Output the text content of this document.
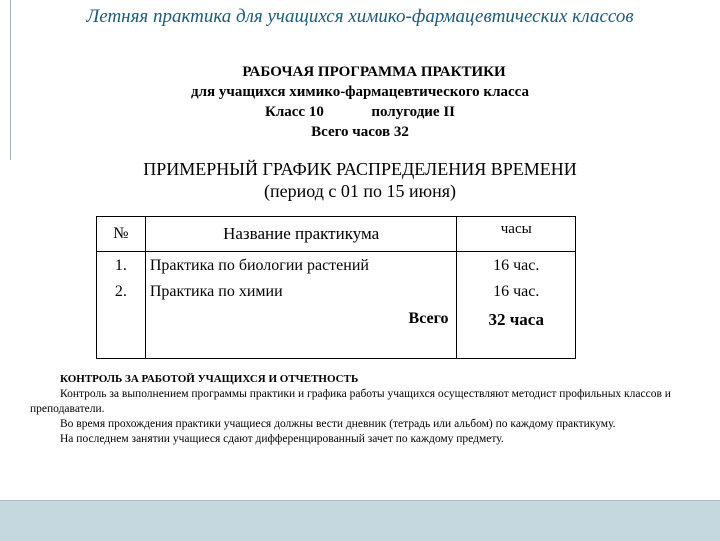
Летняя практика для учащихся химико-фармацевтических классов
РАБОЧАЯ ПРОГРАММА ПРАКТИКИ
для учащихся химико-фармацевтического класса
Класс 10	полугодие II
Всего часов 32
ПРИМЕРНЫЙ ГРАФИК РАСПРЕДЕЛЕНИЯ ВРЕМЕНИ
(период с 01 по 15 июня)
№	Название практикума	часы
1.	Практика по биологии растений	16 час.
2.	Практика по химии	16 час.
	Всего	32 часа
КОНТРОЛЬ ЗА РАБОТОЙ УЧАЩИХСЯ И ОТЧЕТНОСТЬ

Контроль за выполнением программы практики и графика работы учащихся осуществляют методист профильных классов и преподаватели.

Во время прохождения практики учащиеся должны вести дневник (тетрадь или альбом) по каждому практикуму.

На последнем занятии учащиеся сдают дифференцированный зачет по каждому предмету.
